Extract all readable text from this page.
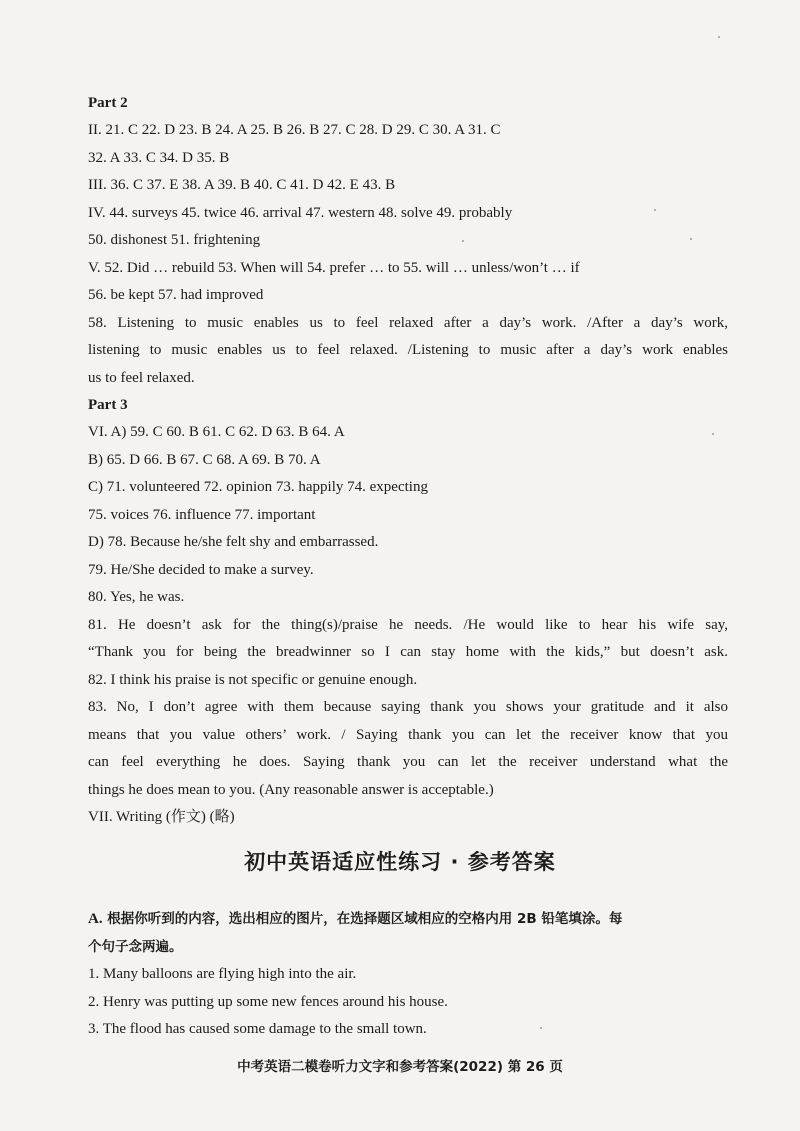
Part 2
II. 21. C 22. D 23. B 24. A 25. B 26. B 27. C 28. D 29. C 30. A 31. C
32. A 33. C 34. D 35. B
III. 36. C 37. E 38. A 39. B 40. C 41. D 42. E 43. B
IV. 44. surveys 45. twice 46. arrival 47. western 48. solve 49. probably
50. dishonest 51. frightening
V. 52. Did … rebuild 53. When will 54. prefer … to 55. will … unless/won’t … if
56. be kept 57. had improved
58. Listening to music enables us to feel relaxed after a day’s work. /After a day’s work,
listening to music enables us to feel relaxed. /Listening to music after a day’s work enables
us to feel relaxed.
Part 3
VI. A) 59. C 60. B 61. C 62. D 63. B 64. A
B) 65. D 66. B 67. C 68. A 69. B 70. A
C) 71. volunteered 72. opinion 73. happily 74. expecting
75. voices 76. influence 77. important
D) 78. Because he/she felt shy and embarrassed.
79. He/She decided to make a survey.
80. Yes, he was.
81. He doesn’t ask for the thing(s)/praise he needs. /He would like to hear his wife say,
“Thank you for being the breadwinner so I can stay home with the kids,” but doesn’t ask.
82. I think his praise is not specific or genuine enough.
83. No, I don’t agree with them because saying thank you shows your gratitude and it also
means that you value others’ work. / Saying thank you can let the receiver know that you
can feel everything he does. Saying thank you can let the receiver understand what the
things he does mean to you. (Any reasonable answer is acceptable.)
VII. Writing (作文) (略)
初中英语适应性练习 · 参考答案
A. 根据你听到的内容，选出相应的图片，在选择题区域相应的空格内用 2B 铅笔填涂。每
个句子念两遍。
1. Many balloons are flying high into the air.
2. Henry was putting up some new fences around his house.
3. The flood has caused some damage to the small town.
中考英语二模卷听力文字和参考答案(2022) 第 26 页
